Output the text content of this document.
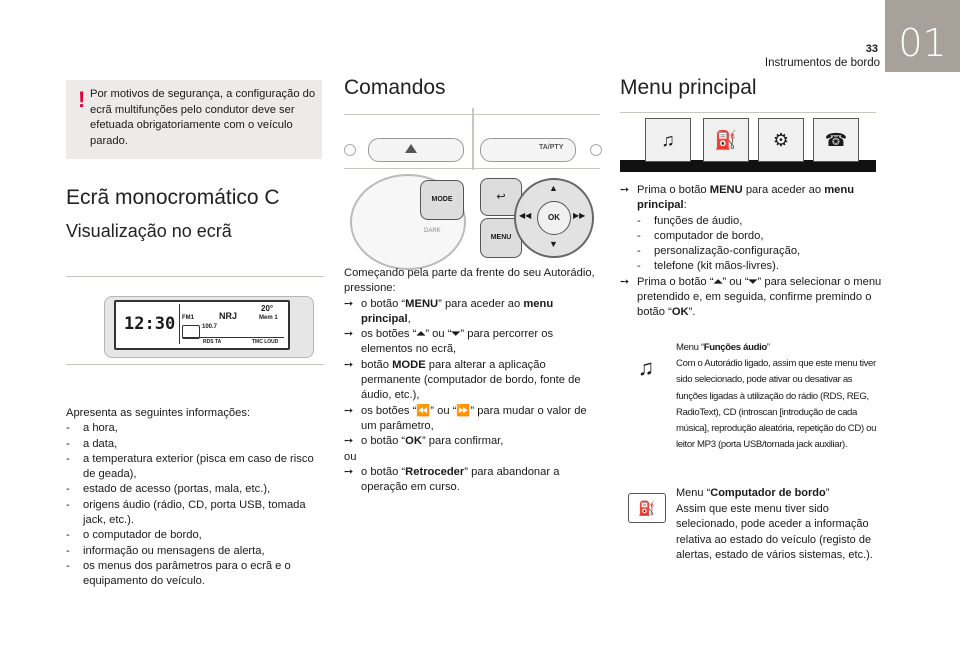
33
Instrumentos de bordo 01
! Por motivos de segurança, a configuração do ecrã multifunções pelo condutor deve ser efetuada obrigatoriamente com o veículo parado.
Ecrã monocromático C
Visualização no ecrã
12:30
20°
FM1	NRJ	Mem 1
100.7
RDS TA	TMC LOUD
Apresenta as seguintes informações:
- a hora,
- a data,
- a temperatura exterior (pisca em caso de risco de geada),
- estado de acesso (portas, mala, etc.),
- origens áudio (rádio, CD, porta USB, tomada jack, etc.).
- o computador de bordo,
- informação ou mensagens de alerta,
- os menus dos parâmetros para o ecrã e o equipamento do veículo.
Comandos
TA/PTY
MODE
DARK
↩
MENU
OK
▲
▼
◀◀	▶▶
Começando pela parte da frente do seu Autorádio, pressione:
➙ o botão “MENU” para aceder ao menu principal,
➙ os botões “⏶” ou “⏷” para percorrer os elementos no ecrã,
➙ botão MODE para alterar a aplicação permanente (computador de bordo, fonte de áudio, etc.),
➙ os botões “⏪” ou “⏩” para mudar o valor de um parâmetro,
➙ o botão “OK” para confirmar,
ou
➙ o botão “Retroceder” para abandonar a operação em curso.
Menu principal
♫	⛽	⚙	☎
➙ Prima o botão MENU para aceder ao menu principal:
- funções de áudio,
- computador de bordo,
- personalização-configuração,
- telefone (kit mãos-livres).
➙ Prima o botão “⏶” ou “⏷” para selecionar o menu pretendido e, em seguida, confirme premindo o botão “OK”.
♫
Menu “Funções áudio”
Com o Autorádio ligado, assim que este menu tiver sido selecionado, pode ativar ou desativar as funções ligadas à utilização do rádio (RDS, REG, RadioText), CD (introscan [introdução de cada música], reprodução aleatória, repetição do CD) ou leitor MP3 (porta USB/tomada jack auxiliar).
⛽
Menu “Computador de bordo”
Assim que este menu tiver sido selecionado, pode aceder a informação relativa ao estado do veículo (registo de alertas, estado de vários sistemas, etc.).
